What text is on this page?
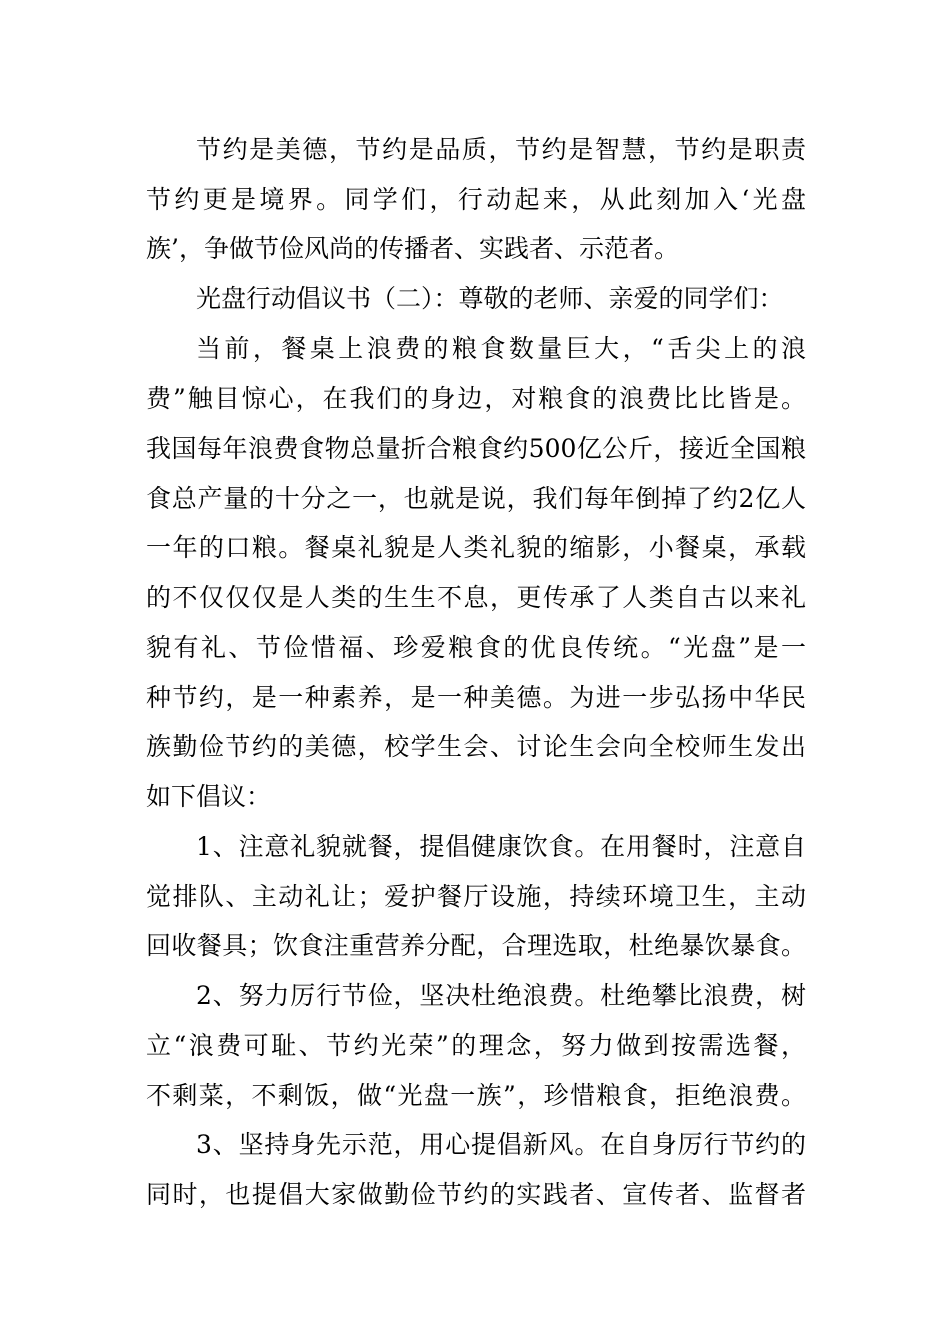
节约是美德，节约是品质，节约是智慧，节约是职责
节约更是境界。同学们，行动起来，从此刻加入‘光盘
族’，争做节俭风尚的传播者、实践者、示范者。
光盘行动倡议书（二）：尊敬的老师、亲爱的同学们：
当前，餐桌上浪费的粮食数量巨大，“舌尖上的浪
费”触目惊心，在我们的身边，对粮食的浪费比比皆是。
我国每年浪费食物总量折合粮食约500亿公斤，接近全国粮
食总产量的十分之一，也就是说，我们每年倒掉了约2亿人
一年的口粮。餐桌礼貌是人类礼貌的缩影，小餐桌，承载
的不仅仅仅是人类的生生不息，更传承了人类自古以来礼
貌有礼、节俭惜福、珍爱粮食的优良传统。“光盘”是一
种节约，是一种素养，是一种美德。为进一步弘扬中华民
族勤俭节约的美德，校学生会、讨论生会向全校师生发出
如下倡议：
1、注意礼貌就餐，提倡健康饮食。在用餐时，注意自
觉排队、主动礼让；爱护餐厅设施，持续环境卫生，主动
回收餐具；饮食注重营养分配，合理选取，杜绝暴饮暴食。
2、努力厉行节俭，坚决杜绝浪费。杜绝攀比浪费，树
立“浪费可耻、节约光荣”的理念，努力做到按需选餐，
不剩菜，不剩饭，做“光盘一族”，珍惜粮食，拒绝浪费。
3、坚持身先示范，用心提倡新风。在自身厉行节约的
同时，也提倡大家做勤俭节约的实践者、宣传者、监督者
